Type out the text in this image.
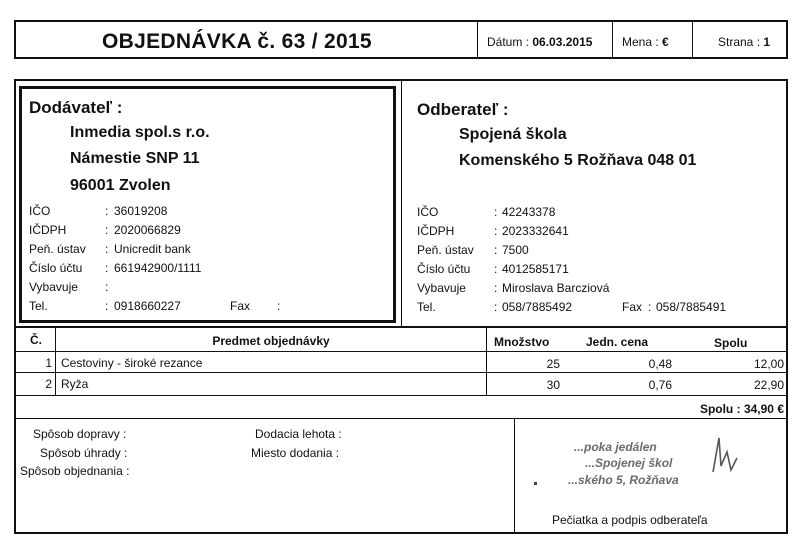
OBJEDNÁVKA č. 63 / 2015	Dátum : 06.03.2015 Mena : €	Strana : 1
Dodávateľ :
Inmedia spol.s r.o.
Námestie SNP 11
96001 Zvolen
IČO	: 36019208
IČDPH	: 2020066829
Peň. ústav : Unicredit bank
Číslo účtu : 661942900/1111
Vybavuje :
Tel.	: 0918660227	Fax :
Odberateľ :
Spojená škola
Komenského 5 Rožňava 048 01
IČO	: 42243378
IČDPH	: 2023332641
Peň. ústav : 7500
Číslo účtu : 4012585171
Vybavuje : Miroslava Barcziová
Tel.	: 058/7885492	Fax : 058/7885491
Č.	Predmet objednávky	Množstvo	Jedn. cena	Spolu
1 Cestoviny - široké rezance	25	0,48	12,00
2 Ryža	30	0,76	22,90
Spolu : 34,90 €
Spôsob dopravy :
Spôsob úhrady :
Spôsob objednania :
Dodacia lehota :
Miesto dodania :	...poka jedálen
...Spojenej škol
...ského 5, Rožňava
Pečiatka a podpis odberateľa
